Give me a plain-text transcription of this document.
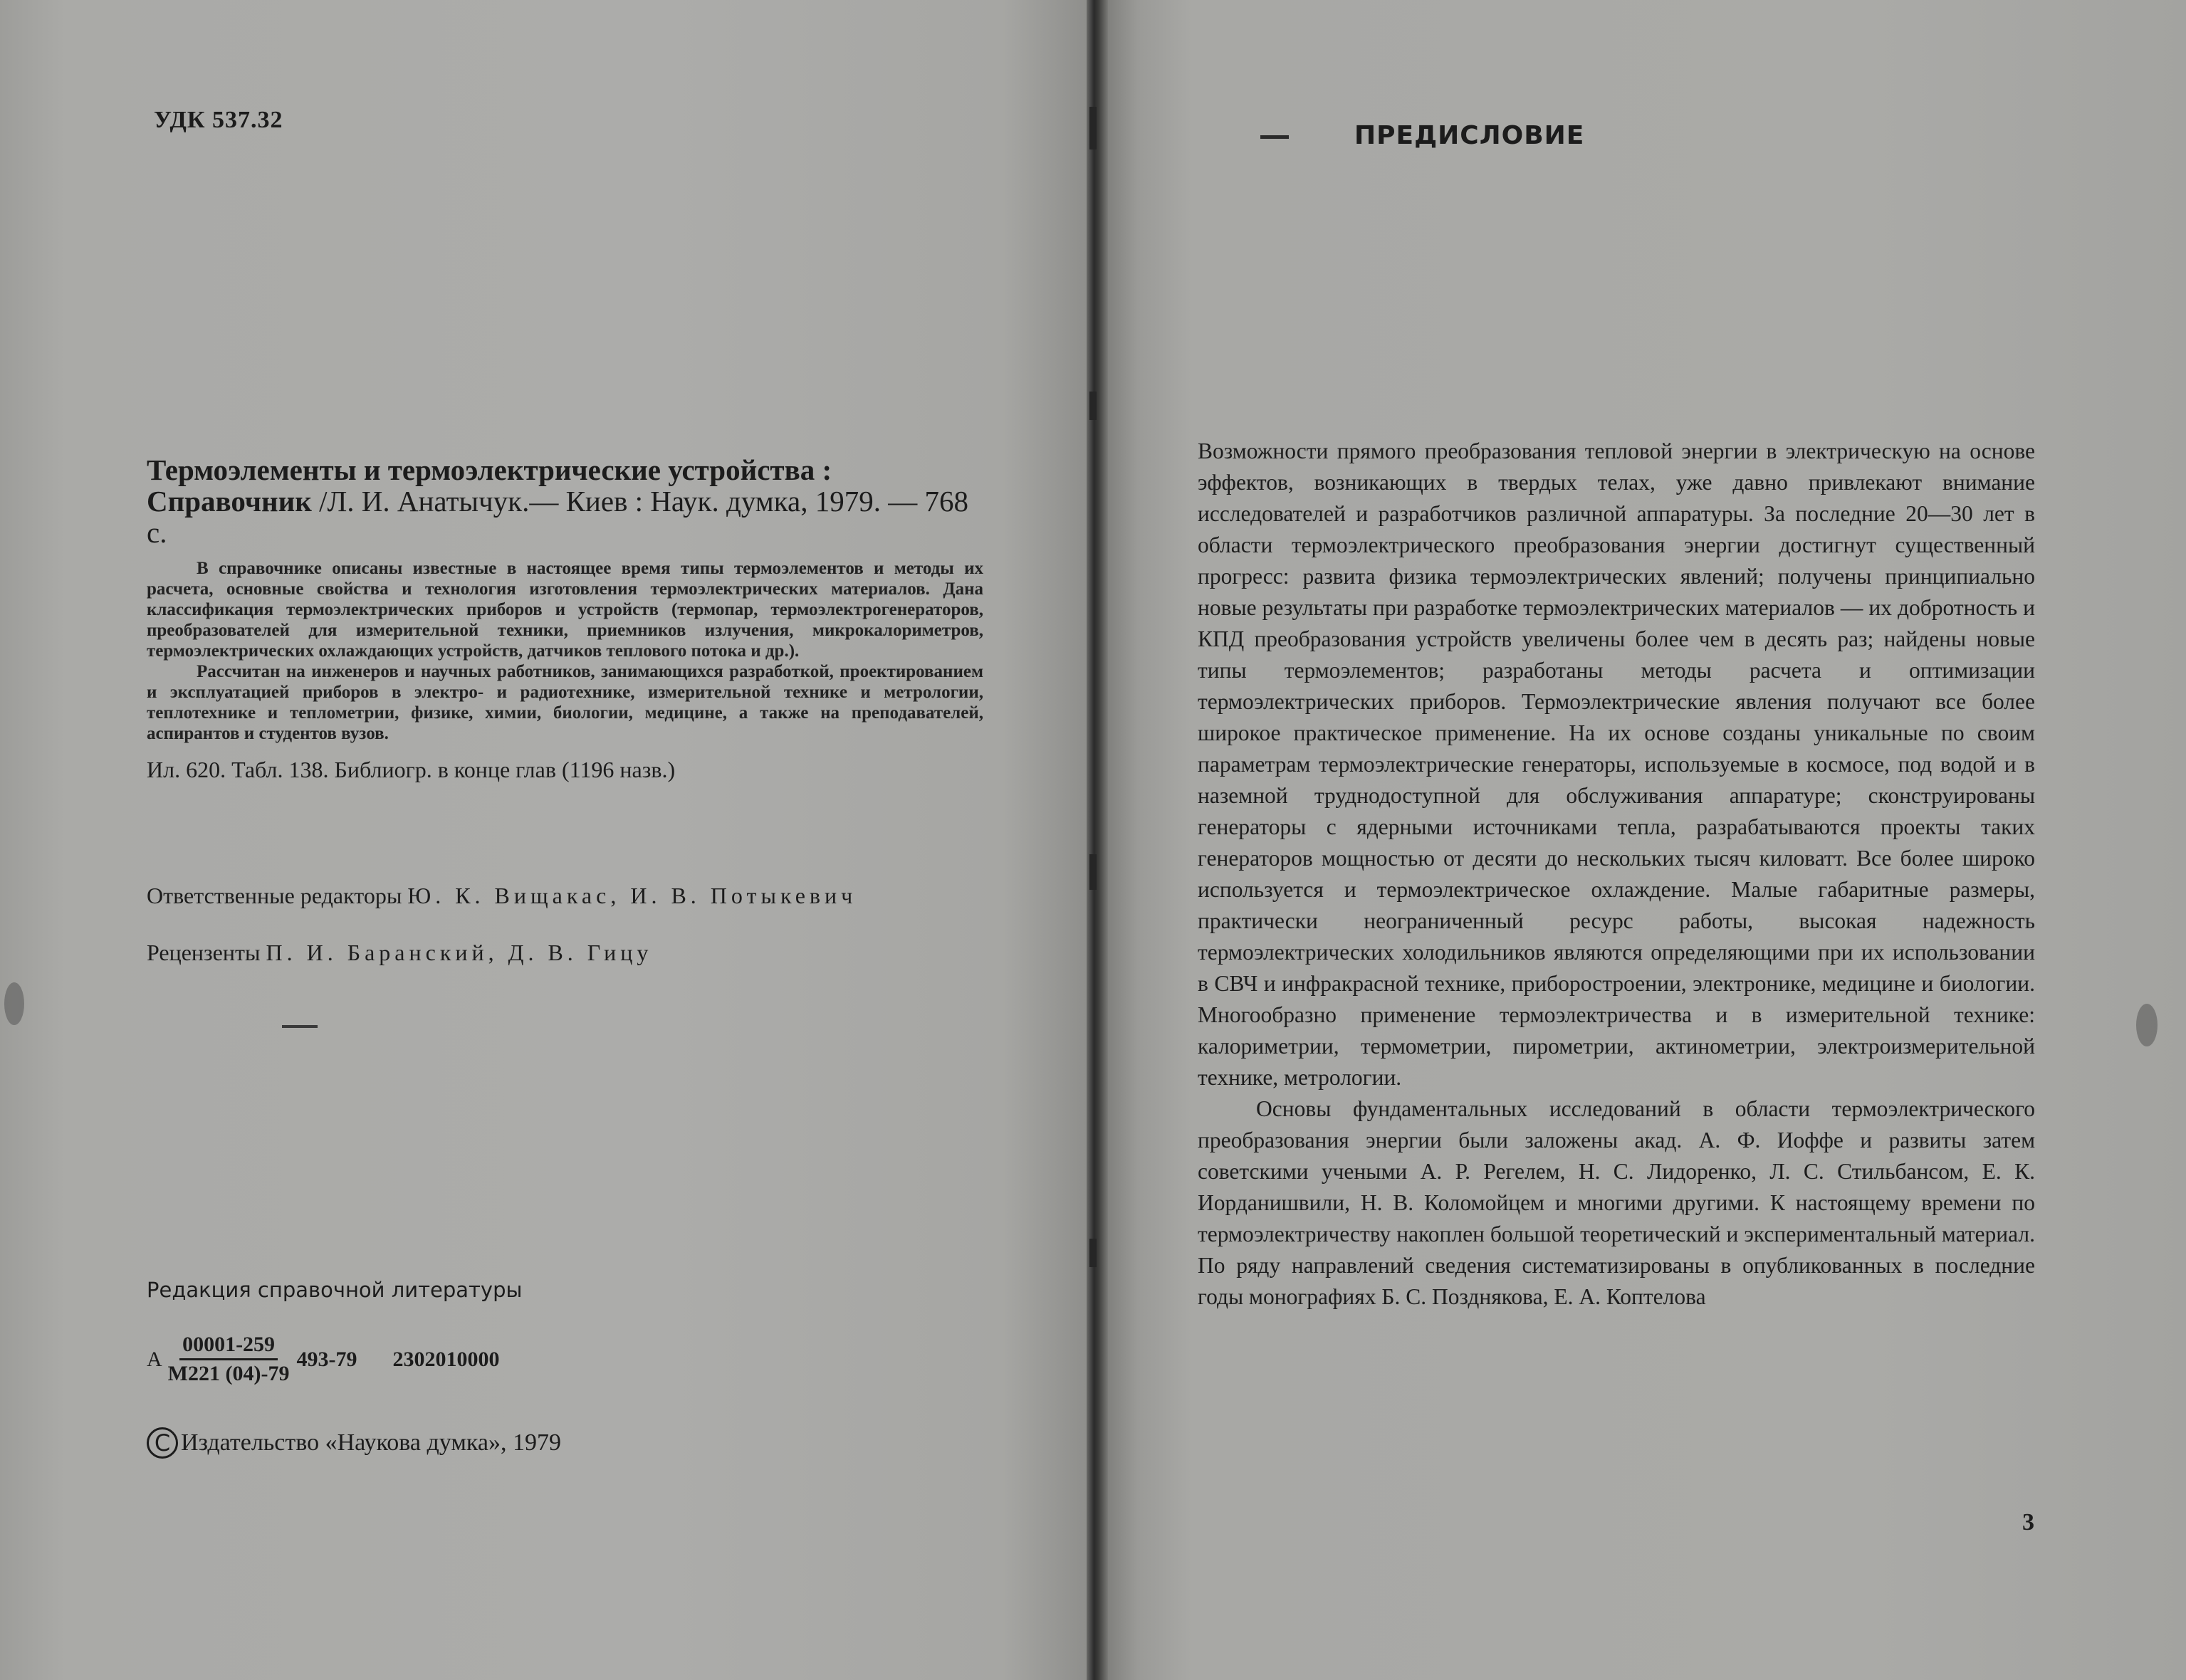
УДК 537.32

Термоэлементы и термоэлектрические устройства : Справочник /Л. И. Анатычук.— Киев : Наук. думка, 1979. — 768 с.

В справочнике описаны известные в настоящее время типы термоэлементов и методы их расчета, основные свойства и технология изготовления термоэлектрических материалов. Дана классификация термоэлектрических приборов и устройств (термопар, термоэлектрогенераторов, преобразователей для измерительной техники, приемников излучения, микрокалориметров, термоэлектрических охлаждающих устройств, датчиков теплового потока и др.).

Рассчитан на инженеров и научных работников, занимающихся разработкой, проектированием и эксплуатацией приборов в электро- и радиотехнике, измерительной технике и метрологии, теплотехнике и теплометрии, физике, химии, биологии, медицине, а также на преподавателей, аспирантов и студентов вузов.

Ил. 620. Табл. 138. Библиогр. в конце глав (1196 назв.)

Ответственные редакторы Ю. К. Вищакас, И. В. Потыкевич
Рецензенты П. И. Баранский, Д. В. Гицу
Редакция справочной литературы
А $\frac{00001-259}{М221 (04)-79} 493-79$ 2302010000
C Издательство «Наукова думка», 1979
ПРЕДИСЛОВИЕ

Возможности прямого преобразования тепловой энергии в электрическую на основе эффектов, возникающих в твердых телах, уже давно привлекают внимание исследователей и разработчиков различной аппаратуры. За последние 20—30 лет в области термоэлектрического преобразования энергии достигнут существенный прогресс: развита физика термоэлектрических явлений; получены принципиально новые результаты при разработке термоэлектрических материалов — их добротность и КПД преобразования устройств увеличены более чем в десять раз; найдены новые типы термоэлементов; разработаны методы расчета и оптимизации термоэлектрических приборов. Термоэлектрические явления получают все более широкое практическое применение. На их основе созданы уникальные по своим параметрам термоэлектрические генераторы, используемые в космосе, под водой и в наземной труднодоступной для обслуживания аппаратуре; сконструированы генераторы с ядерными источниками тепла, разрабатываются проекты таких генераторов мощностью от десяти до нескольких тысяч киловатт. Все более широко используется и термоэлектрическое охлаждение. Малые габаритные размеры, практически неограниченный ресурс работы, высокая надежность термоэлектрических холодильников являются определяющими при их использовании в СВЧ и инфракрасной технике, приборостроении, электронике, медицине и биологии. Многообразно применение термоэлектричества и в измерительной технике: калориметрии, термометрии, пирометрии, актинометрии, электроизмерительной технике, метрологии.

Основы фундаментальных исследований в области термоэлектрического преобразования энергии были заложены акад. А. Ф. Иоффе и развиты затем советскими учеными А. Р. Регелем, Н. С. Лидоренко, Л. С. Стильбансом, Е. К. Иорданишвили, Н. В. Коломойцем и многими другими. К настоящему времени по термоэлектричеству накоплен большой теоретический и экспериментальный материал. По ряду направлений сведения систематизированы в опубликованных в последние годы монографиях Б. С. Позднякова, Е. А. Коптелова

3
